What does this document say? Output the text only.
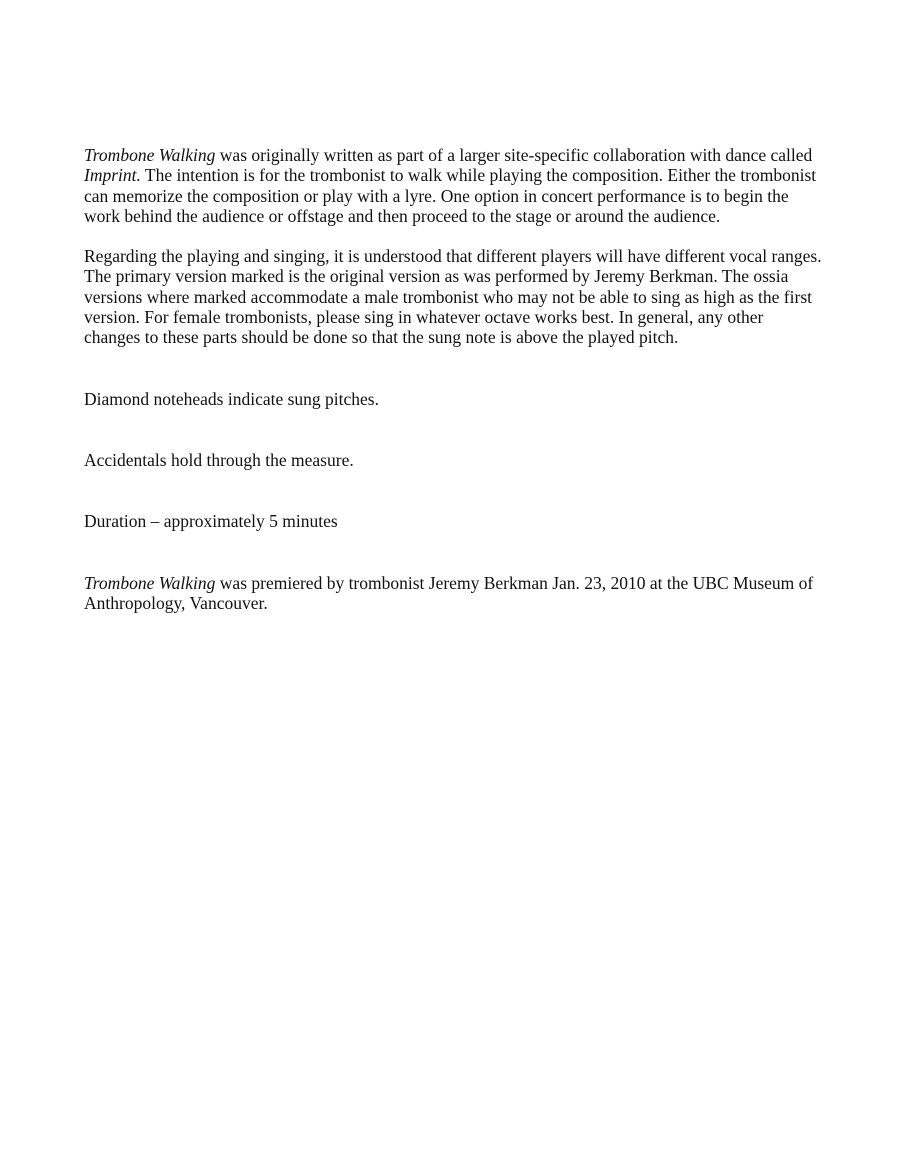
Trombone Walking was originally written as part of a larger site-specific collaboration with dance called Imprint. The intention is for the trombonist to walk while playing the composition. Either the trombonist can memorize the composition or play with a lyre. One option in concert performance is to begin the work behind the audience or offstage and then proceed to the stage or around the audience.

Regarding the playing and singing, it is understood that different players will have different vocal ranges. The primary version marked is the original version as was performed by Jeremy Berkman. The ossia versions where marked accommodate a male trombonist who may not be able to sing as high as the first version. For female trombonists, please sing in whatever octave works best. In general, any other changes to these parts should be done so that the sung note is above the played pitch.

Diamond noteheads indicate sung pitches.

Accidentals hold through the measure.

Duration – approximately 5 minutes

Trombone Walking was premiered by trombonist Jeremy Berkman Jan. 23, 2010 at the UBC Museum of Anthropology, Vancouver.
